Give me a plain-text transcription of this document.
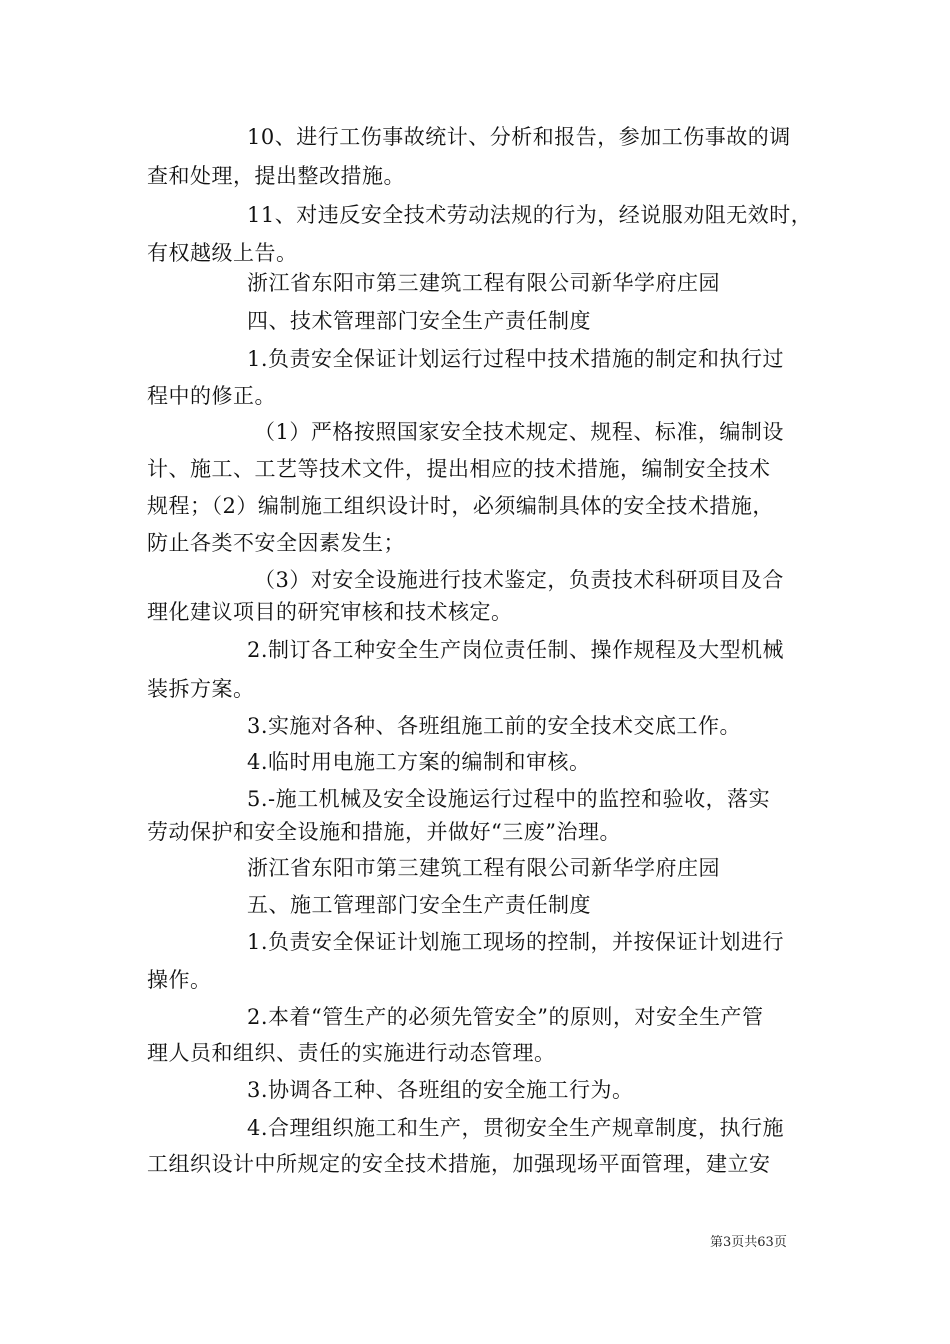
10、进行工伤事故统计、分析和报告，参加工伤事故的调
查和处理，提出整改措施。
11、对违反安全技术劳动法规的行为，经说服劝阻无效时，
有权越级上告。
浙江省东阳市第三建筑工程有限公司新华学府庄园
四、技术管理部门安全生产责任制度
1.负责安全保证计划运行过程中技术措施的制定和执行过
程中的修正。
（1）严格按照国家安全技术规定、规程、标准，编制设
计、施工、工艺等技术文件，提出相应的技术措施，编制安全技术
规程；（2）编制施工组织设计时，必须编制具体的安全技术措施，
防止各类不安全因素发生；
（3）对安全设施进行技术鉴定，负责技术科研项目及合
理化建议项目的研究审核和技术核定。
2.制订各工种安全生产岗位责任制、操作规程及大型机械
装拆方案。
3.实施对各种、各班组施工前的安全技术交底工作。
4.临时用电施工方案的编制和审核。
5.-施工机械及安全设施运行过程中的监控和验收，落实
劳动保护和安全设施和措施，并做好“三废”治理。
浙江省东阳市第三建筑工程有限公司新华学府庄园
五、施工管理部门安全生产责任制度
1.负责安全保证计划施工现场的控制，并按保证计划进行
操作。
2.本着“管生产的必须先管安全”的原则，对安全生产管
理人员和组织、责任的实施进行动态管理。
3.协调各工种、各班组的安全施工行为。
4.合理组织施工和生产，贯彻安全生产规章制度，执行施
工组织设计中所规定的安全技术措施，加强现场平面管理，建立安
第3页共63页
